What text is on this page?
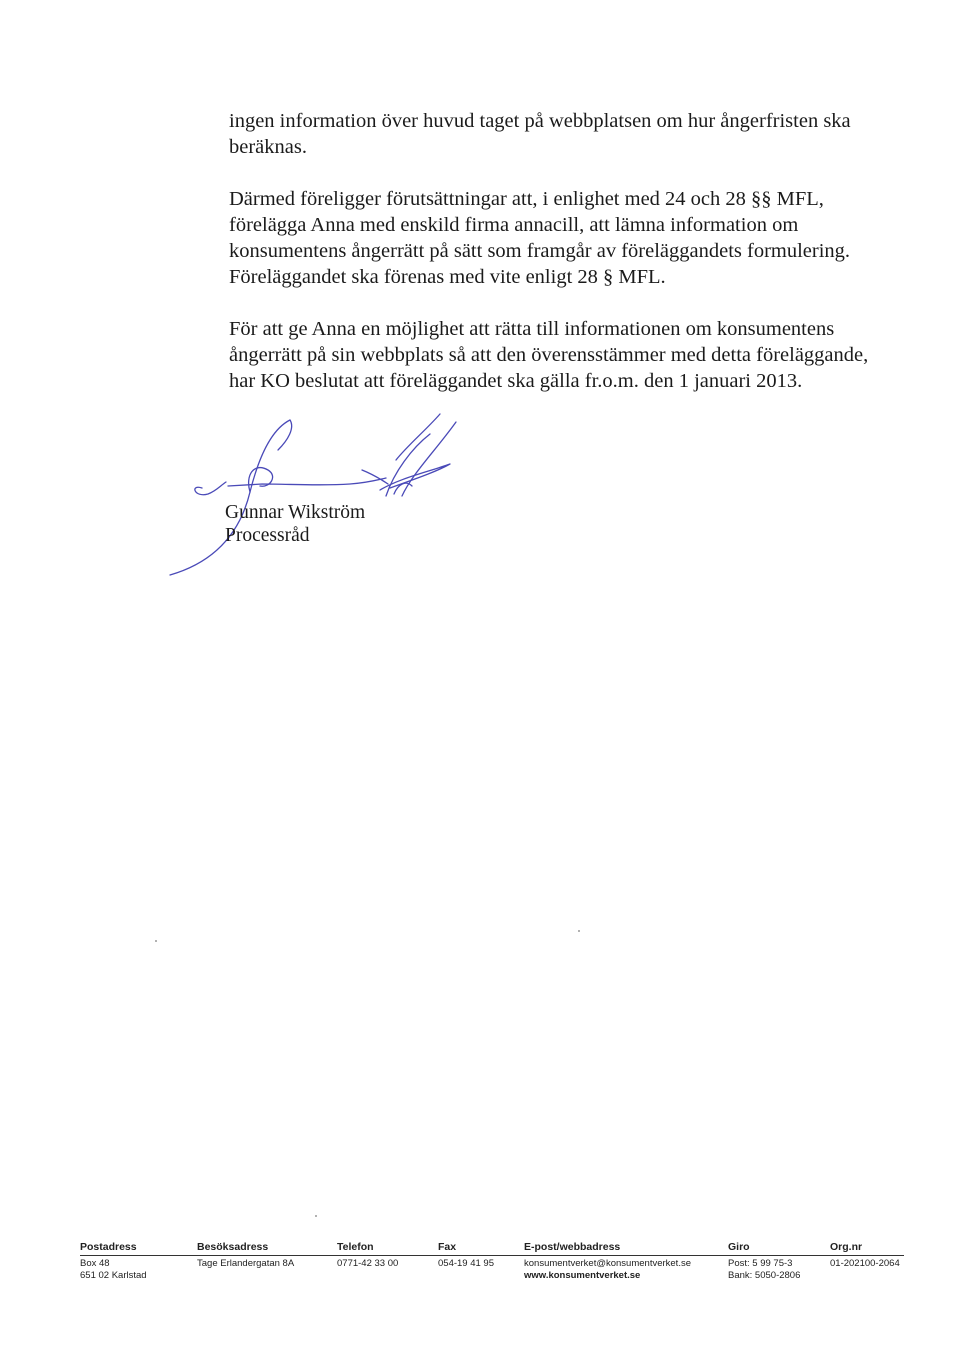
ingen information över huvud taget på webbplatsen om hur ångerfristen ska
beräknas.

Därmed föreligger förutsättningar att, i enlighet med 24 och 28 §§ MFL,
förelägga Anna med enskild firma annacill, att lämna information om
konsumentens ångerrätt på sätt som framgår av föreläggandets formulering.
Föreläggandet ska förenas med vite enligt 28 § MFL.

För att ge Anna en möjlighet att rätta till informationen om konsumentens
ångerrätt på sin webbplats så att den överensstämmer med detta föreläggande,
har KO beslutat att föreläggandet ska gälla fr.o.m. den 1 januari 2013.

Gunnar Wikström
Processråd
Postadress
Box 48
651 02 Karlstad
Besöksadress
Tage Erlandergatan 8A
Telefon
0771-42 33 00
Fax
054-19 41 95
E-post/webbadress
konsumentverket@konsumentverket.se
www.konsumentverket.se
Giro
Post: 5 99 75-3
Bank: 5050-2806
Org.nr
01-202100-2064
